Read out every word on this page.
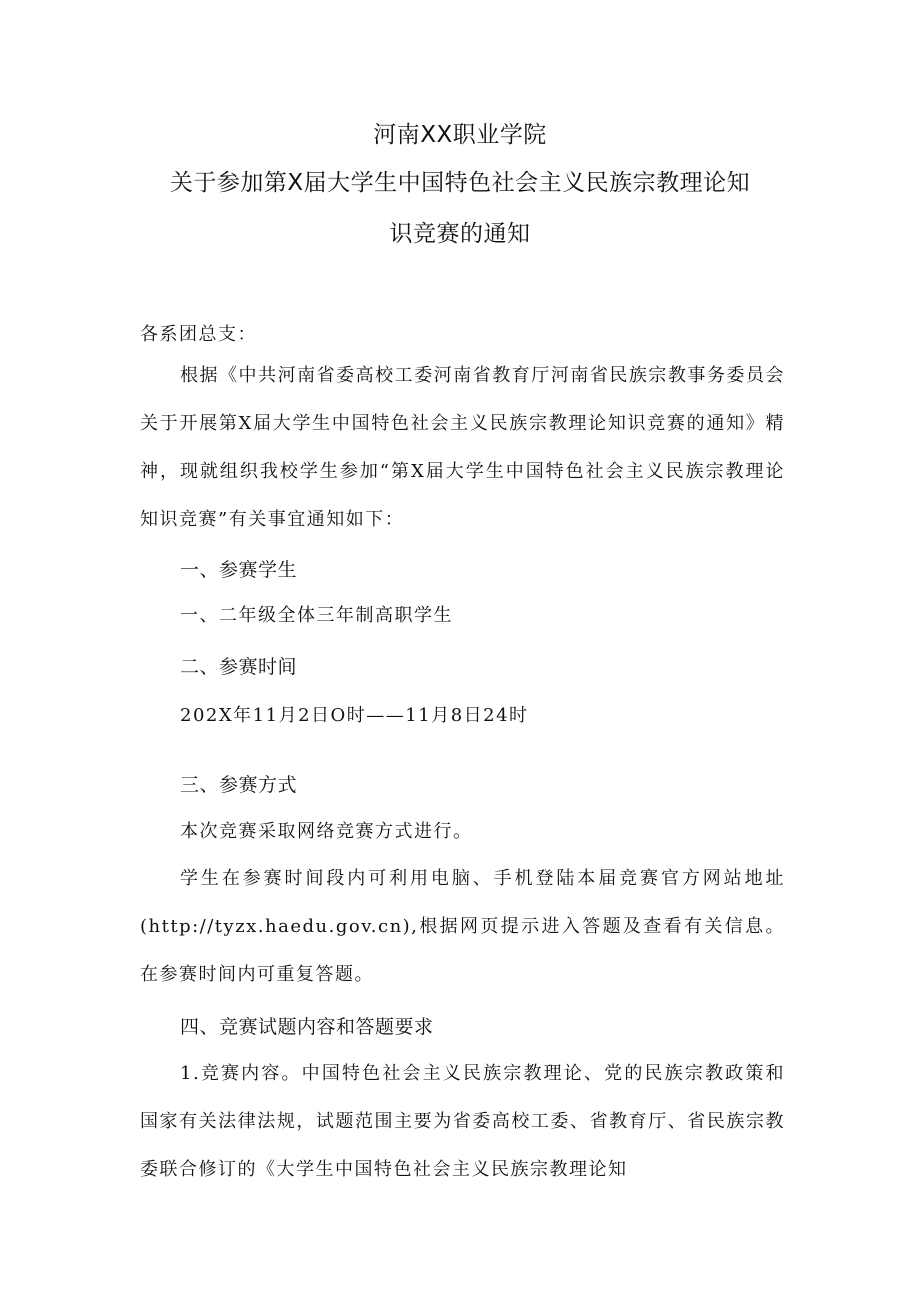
河南XX职业学院
关于参加第X届大学生中国特色社会主义民族宗教理论知
识竞赛的通知
各系团总支：
根据《中共河南省委高校工委河南省教育厅河南省民族宗教事务委员会关于开展第X届大学生中国特色社会主义民族宗教理论知识竞赛的通知》精神，现就组织我校学生参加“第X届大学生中国特色社会主义民族宗教理论知识竞赛”有关事宜通知如下：
一、参赛学生
一、二年级全体三年制高职学生
二、参赛时间
202X年11月2日O时——11月8日24时
三、参赛方式
本次竞赛采取网络竞赛方式进行。
学生在参赛时间段内可利用电脑、手机登陆本届竞赛官方网站地址(http://tyzx.haedu.gov.cn),根据网页提示进入答题及查看有关信息。在参赛时间内可重复答题。
四、竞赛试题内容和答题要求
1.竞赛内容。中国特色社会主义民族宗教理论、党的民族宗教政策和国家有关法律法规，试题范围主要为省委高校工委、省教育厅、省民族宗教委联合修订的《大学生中国特色社会主义民族宗教理论知
